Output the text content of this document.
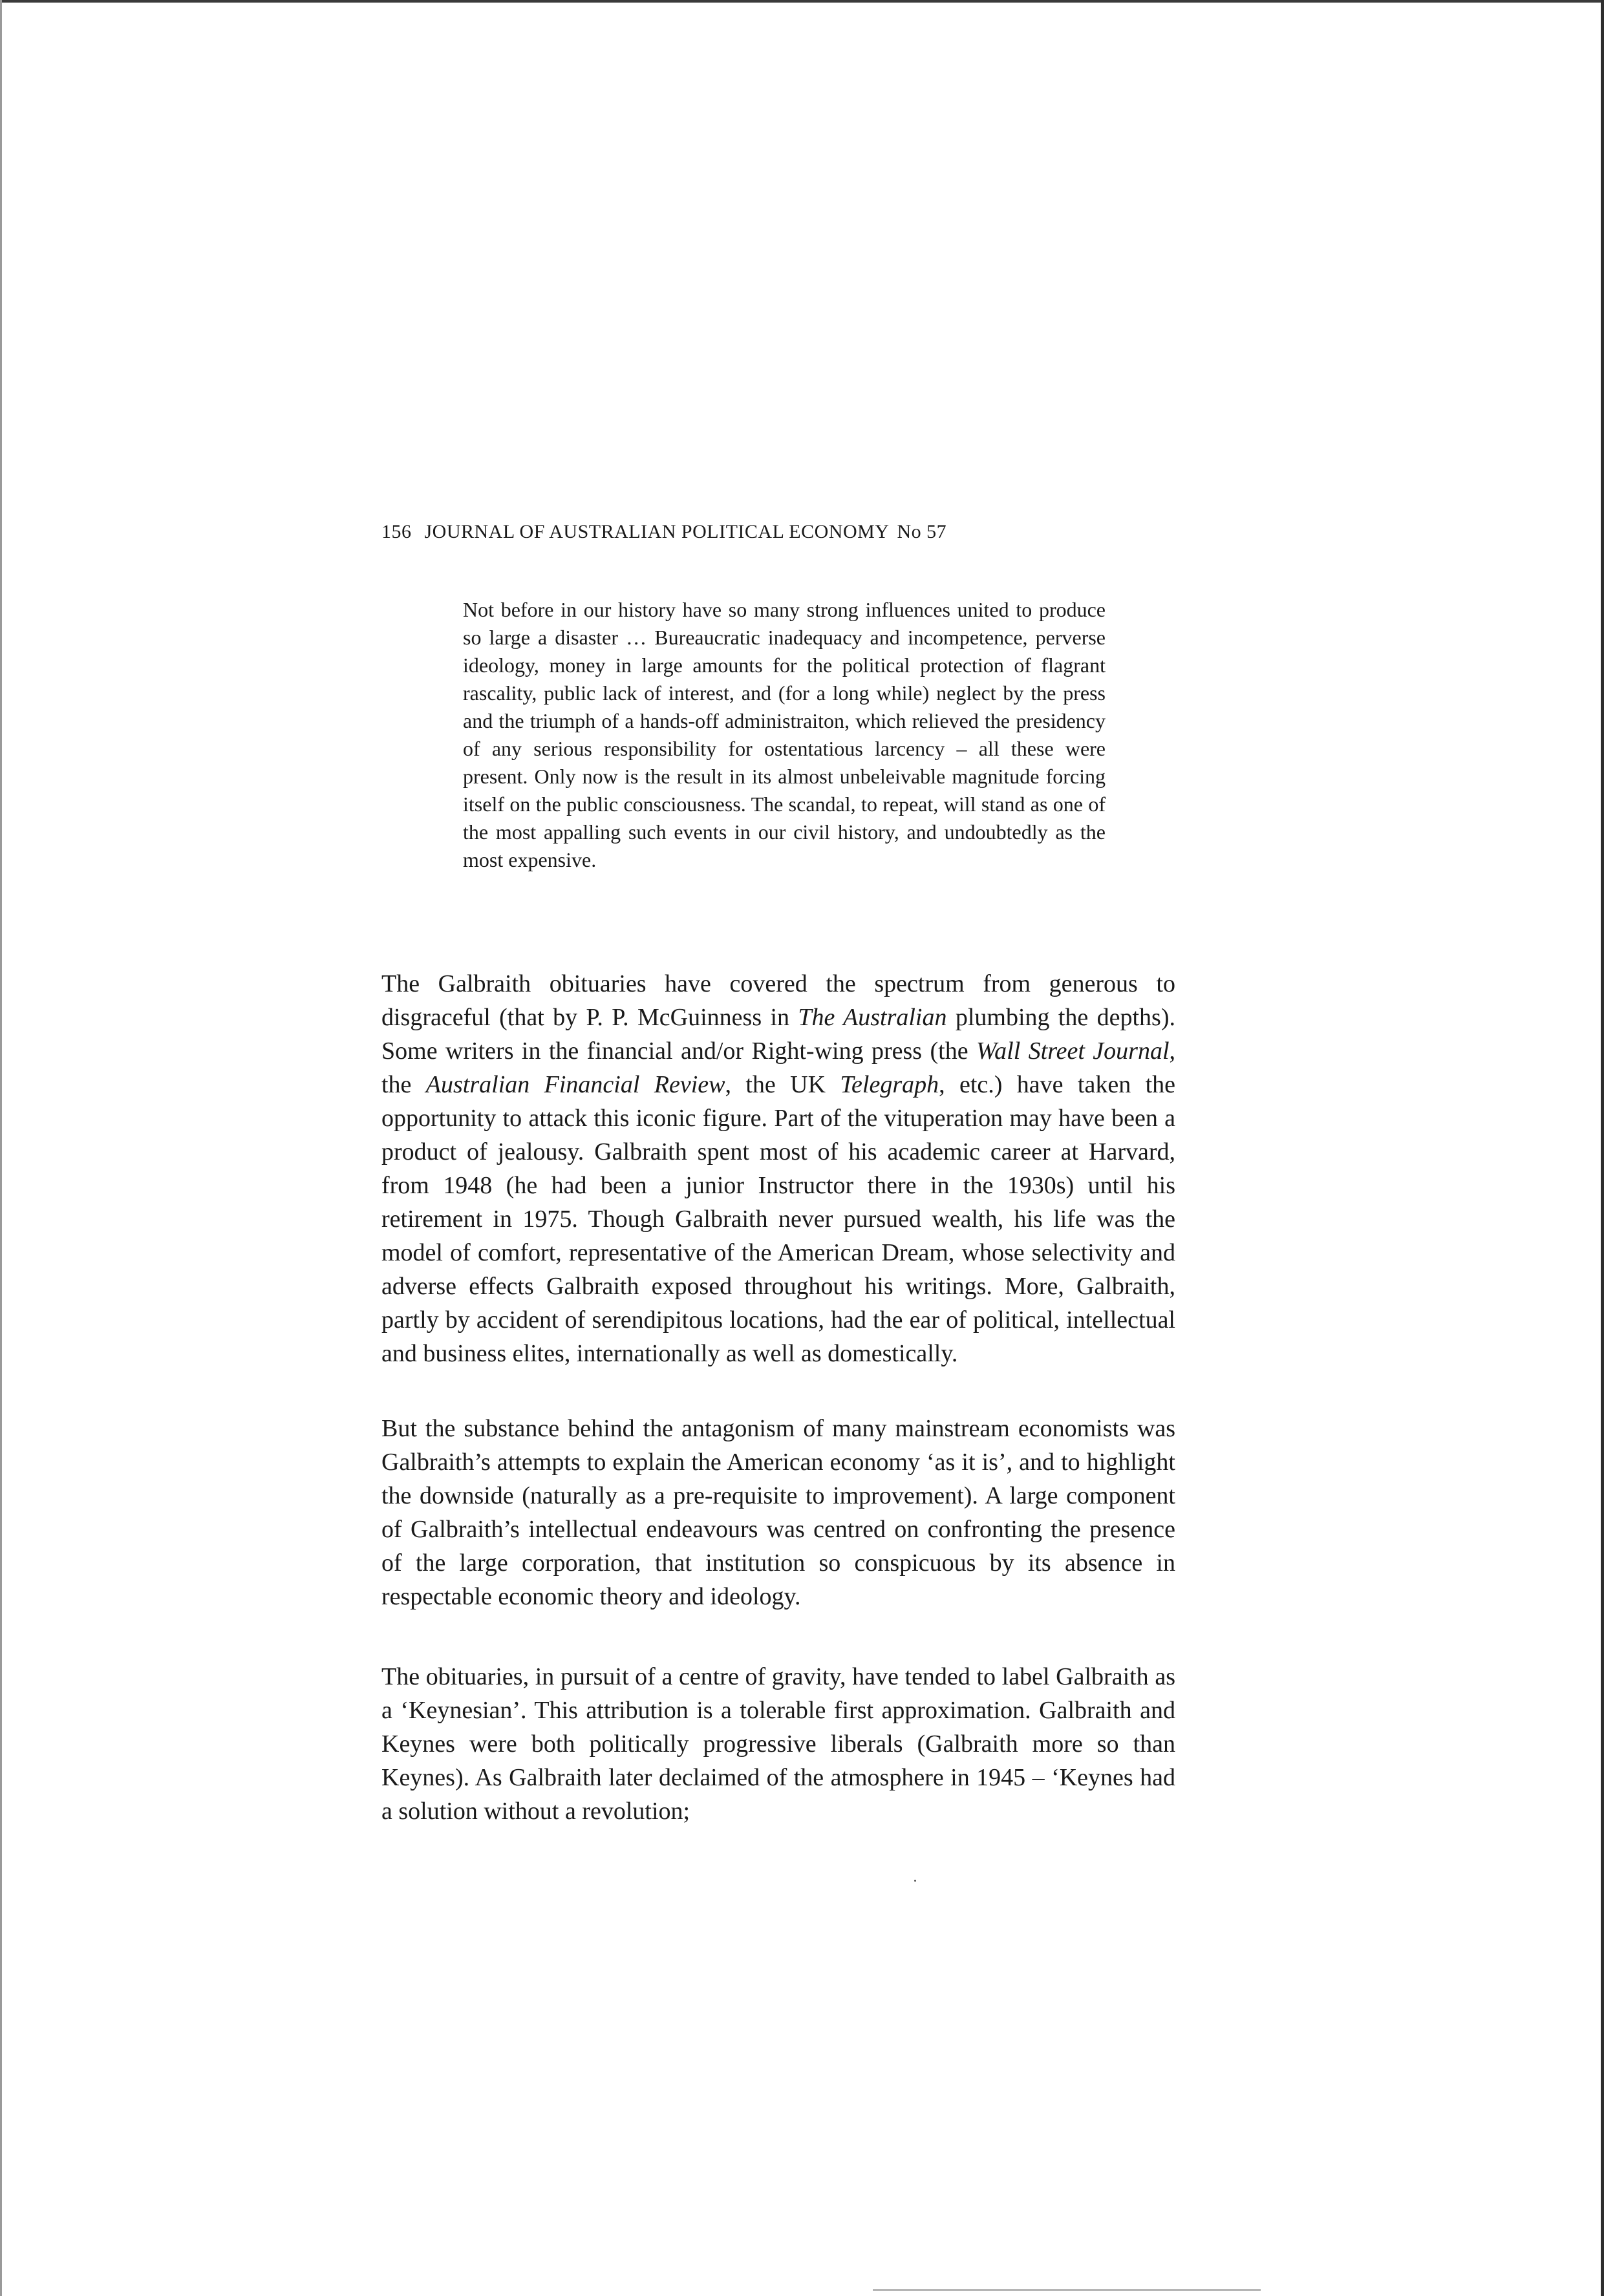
156 JOURNAL OF AUSTRALIAN POLITICAL ECONOMY No 57

Not before in our history have so many strong influences united to produce so large a disaster … Bureaucratic inadequacy and incompetence, perverse ideology, money in large amounts for the political protection of flagrant rascality, public lack of interest, and (for a long while) neglect by the press and the triumph of a hands-off administraiton, which relieved the presidency of any serious responsibility for ostentatious larcency – all these were present. Only now is the result in its almost unbeleivable magnitude forcing itself on the public consciousness. The scandal, to repeat, will stand as one of the most appalling such events in our civil history, and undoubtedly as the most expensive.

The Galbraith obituaries have covered the spectrum from generous to disgraceful (that by P. P. McGuinness in The Australian plumbing the depths). Some writers in the financial and/or Right-wing press (the Wall Street Journal, the Australian Financial Review, the UK Telegraph, etc.) have taken the opportunity to attack this iconic figure. Part of the vituperation may have been a product of jealousy. Galbraith spent most of his academic career at Harvard, from 1948 (he had been a junior Instructor there in the 1930s) until his retirement in 1975. Though Galbraith never pursued wealth, his life was the model of comfort, representative of the American Dream, whose selectivity and adverse effects Galbraith exposed throughout his writings. More, Galbraith, partly by accident of serendipitous locations, had the ear of political, intellectual and business elites, internationally as well as domestically.

But the substance behind the antagonism of many mainstream economists was Galbraith’s attempts to explain the American economy ‘as it is’, and to highlight the downside (naturally as a pre-requisite to improvement). A large component of Galbraith’s intellectual endeavours was centred on confronting the presence of the large corporation, that institution so conspicuous by its absence in respectable economic theory and ideology.

The obituaries, in pursuit of a centre of gravity, have tended to label Galbraith as a ‘Keynesian’. This attribution is a tolerable first approximation. Galbraith and Keynes were both politically progressive liberals (Galbraith more so than Keynes). As Galbraith later declaimed of the atmosphere in 1945 – ‘Keynes had a solution without a revolution;
